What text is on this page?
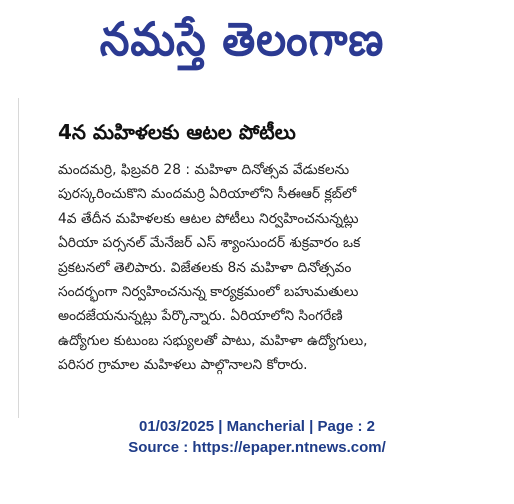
నమస్తే తెలంగాణ
4న మహిళలకు ఆటల పోటీలు
మందమర్రి, ఫిబ్రవరి 28 : మహిళా దినోత్సవ వేడుకలను
పురస్కరించుకొని మందమర్రి ఏరియాలోని సీఈఆర్ క్లబ్‌లో
4వ తేదీన మహిళలకు ఆటల పోటీలు నిర్వహించనున్నట్లు
ఏరియా పర్సనల్ మేనేజర్ ఎస్ శ్యాంసుందర్ శుక్రవారం ఒక
ప్రకటనలో తెలిపారు. విజేతలకు 8న మహిళా దినోత్సవం
సందర్భంగా నిర్వహించనున్న కార్యక్రమంలో బహుమతులు
అందజేయనున్నట్లు పేర్కొన్నారు. ఏరియాలోని సింగరేణి
ఉద్యోగుల కుటుంబ సభ్యులతో పాటు, మహిళా ఉద్యోగులు,
పరిసర గ్రామాల మహిళలు పాల్గొనాలని కోరారు.
01/03/2025 | Mancherial | Page : 2
Source : https://epaper.ntnews.com/
